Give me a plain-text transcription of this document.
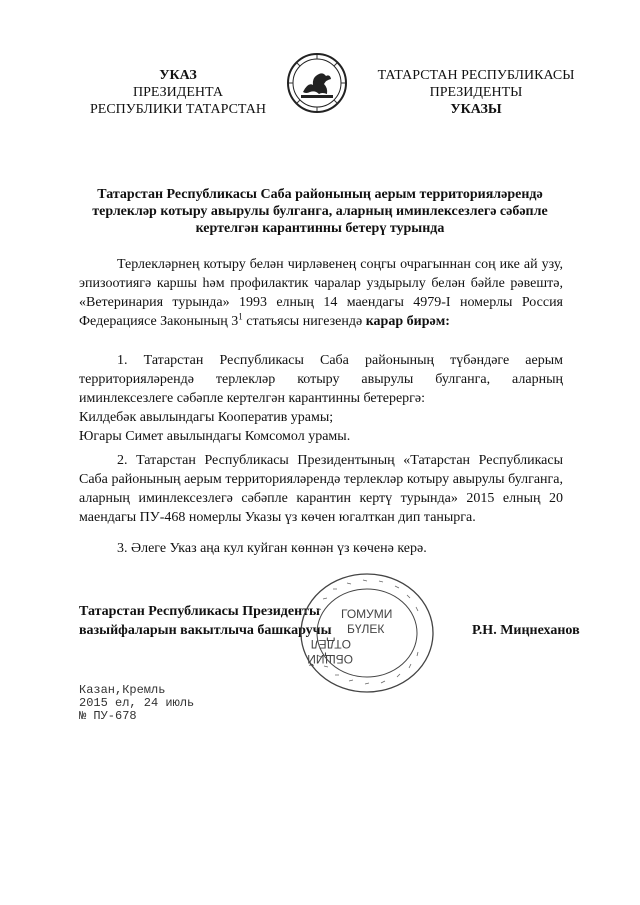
УКАЗ
ПРЕЗИДЕНТА
РЕСПУБЛИКИ ТАТАРСТАН
ТАТАРСТАН РЕСПУБЛИКАСЫ
ПРЕЗИДЕНТЫ
УКАЗЫ
Татарстан Республикасы Саба районының аерым территорияләрендә
терлекләр котыру авырулы булганга, аларның иминлексезлегә сәбәпле
кертелгән карантинны бетерү турында
Терлекләрнең котыру белән чирләвенең соңгы очрагыннан соң ике ай узу, эпизоотиягә каршы һәм профилактик чаралар уздырылу белән бәйле рәвештә, «Ветеринария турында» 1993 елның 14 маендагы 4979-I номерлы Россия Федерациясе Законының $3^1$ статьясы нигезендә карар бирәм:
1. Татарстан Республикасы Саба районының түбәндәге аерым территорияләрендә терлекләр котыру авырулы булганга, аларның иминлексезлеге сәбәпле кертелгән карантинны бетерергә:
Килдебәк авылындагы Кооператив урамы;
Югары Симет авылындагы Комсомол урамы.
2. Татарстан Республикасы Президентының «Татарстан Республикасы Саба районының аерым территорияләрендә терлекләр котыру авырулы булганга, аларның иминлексезлегә сәбәпле карантин кертү турында» 2015 елның 20 маендагы ПУ-468 номерлы Указы үз көчен югалткан дип танырга.
3. Әлеге Указ аңа кул куйган көннән үз көченә керә.
Татарстан Республикасы Президенты
вазыйфаларын вакытлыча башкаручы	Р.Н. Миңнеханов
ГОМУМИ
БҮЛЕК
ОТДЕЛ
ОБЩИЙ
Казан,Кремль
2015 ел, 24 июль
№ ПУ-678
